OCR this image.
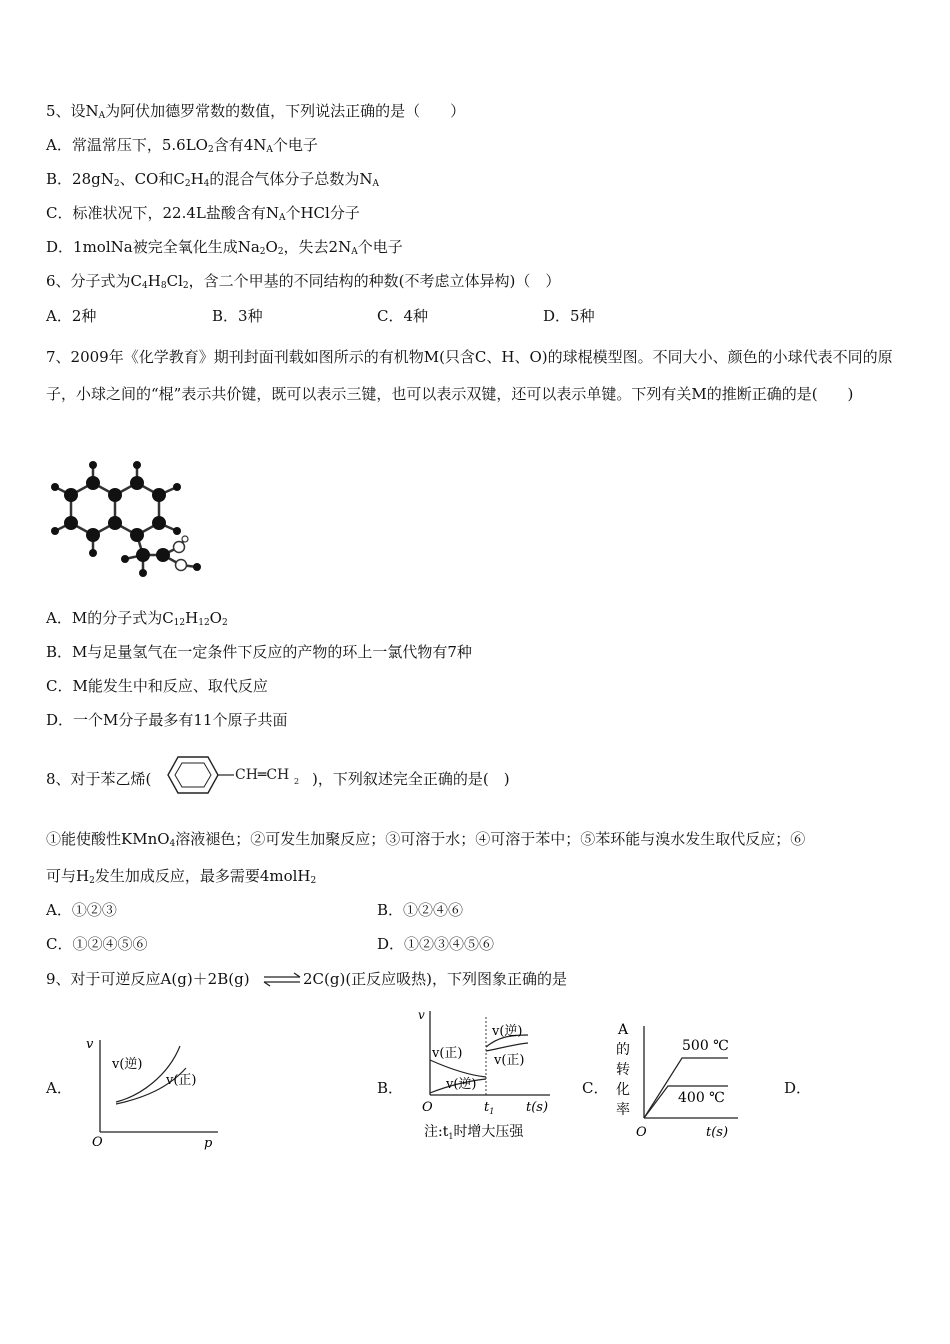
5、设$N_A$为阿伏加德罗常数的数值，下列说法正确的是（　　）
A．常温常压下，$5.6LO_2$含有$4N_A$个电子
B．$28gN_2$、CO和$C_2H_4$的混合气体分子总数为$N_A$
C．标准状况下，22.4L盐酸含有$N_A$个HCl分子
D．1molNa被完全氧化生成$Na_2O_2$，失去$2N_A$个电子
6、分子式为$C_4H_8Cl_2$，含二个甲基的不同结构的种数(不考虑立体异构)（　）
A．2种	B．3种	C．4种	D．5种
7、2009年《化学教育》期刊封面刊载如图所示的有机物M(只含C、H、O)的球棍模型图。不同大小、颜色的小球代表不同的原子，小球之间的“棍”表示共价键，既可以表示三键，也可以表示双键，还可以表示单键。下列有关M的推断正确的是(　　)
A．M的分子式为$C_{12}H_{12}O_2$
B．M与足量氢气在一定条件下反应的产物的环上一氯代物有7种
C．M能发生中和反应、取代反应
D．一个M分子最多有11个原子共面
8、对于苯乙烯(	CH═CH 2 )，下列叙述完全正确的是(　)
①能使酸性KMnO$_4$溶液褪色；②可发生加聚反应；③可溶于水；④可溶于苯中；⑤苯环能与溴水发生取代反应；⑥
可与$H_2$发生加成反应，最多需要4molH$_2$
A．①②③	B．①②④⑥
C．①②④⑤⑥	D．①②③④⑤⑥
9、对于可逆反应A(g)＋2B(g) ⇌ 2C(g)(正反应吸热)，下列图象正确的是
A．
v
p
O
v(逆)
v(正)	B．
v
O	$t_1$ t(s)
v(正)
v(逆)
v(逆)
v(正)
注$:t_1$时增大压强
C．
A
的
转
化
率
O	t(s)
500 ℃
400 ℃
D．
